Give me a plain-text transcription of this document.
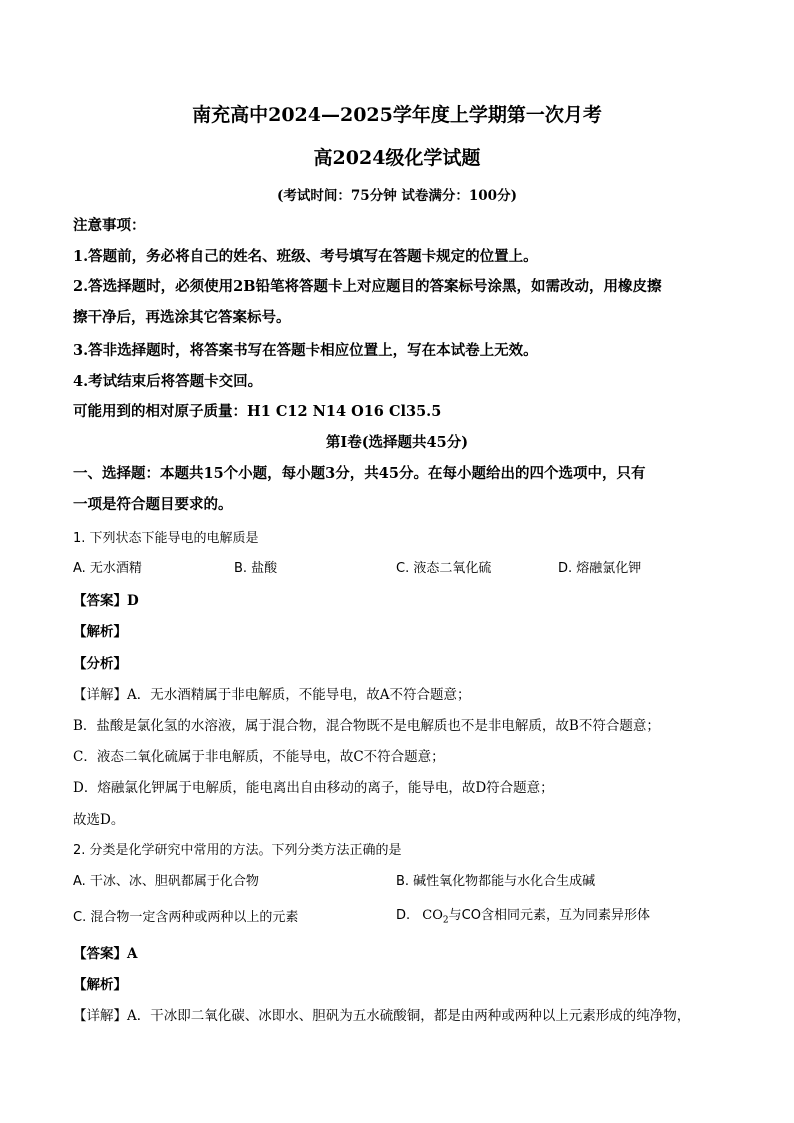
南充高中2024—2025学年度上学期第一次月考
高2024级化学试题
(考试时间：75分钟 试卷满分：100分)
注意事项：
1.答题前，务必将自己的姓名、班级、考号填写在答题卡规定的位置上。
2.答选择题时，必须使用2B铅笔将答题卡上对应题目的答案标号涂黑，如需改动，用橡皮擦
擦干净后，再选涂其它答案标号。
3.答非选择题时，将答案书写在答题卡相应位置上，写在本试卷上无效。
4.考试结束后将答题卡交回。
可能用到的相对原子质量：H1 C12 N14 O16 Cl35.5
第Ⅰ卷(选择题共45分)
一、选择题：本题共15个小题，每小题3分，共45分。在每小题给出的四个选项中，只有
一项是符合题目要求的。
1. 下列状态下能导电的电解质是
A. 无水酒精	B. 盐酸	C. 液态二氧化硫	D. 熔融氯化钾
【答案】D
【解析】
【分析】
【详解】A．无水酒精属于非电解质，不能导电，故A不符合题意；
B．盐酸是氯化氢的水溶液，属于混合物，混合物既不是电解质也不是非电解质，故B不符合题意；
C．液态二氧化硫属于非电解质，不能导电，故C不符合题意；
D．熔融氯化钾属于电解质，能电离出自由移动的离子，能导电，故D符合题意；
故选D。
2. 分类是化学研究中常用的方法。下列分类方法正确的是
A. 干冰、冰、胆矾都属于化合物	B. 碱性氧化物都能与水化合生成碱
C. 混合物一定含两种或两种以上的元素	D. $CO_2$与CO含相同元素，互为同素异形体
【答案】A
【解析】
【详解】A．干冰即二氧化碳、冰即水、胆矾为五水硫酸铜，都是由两种或两种以上元素形成的纯净物，
